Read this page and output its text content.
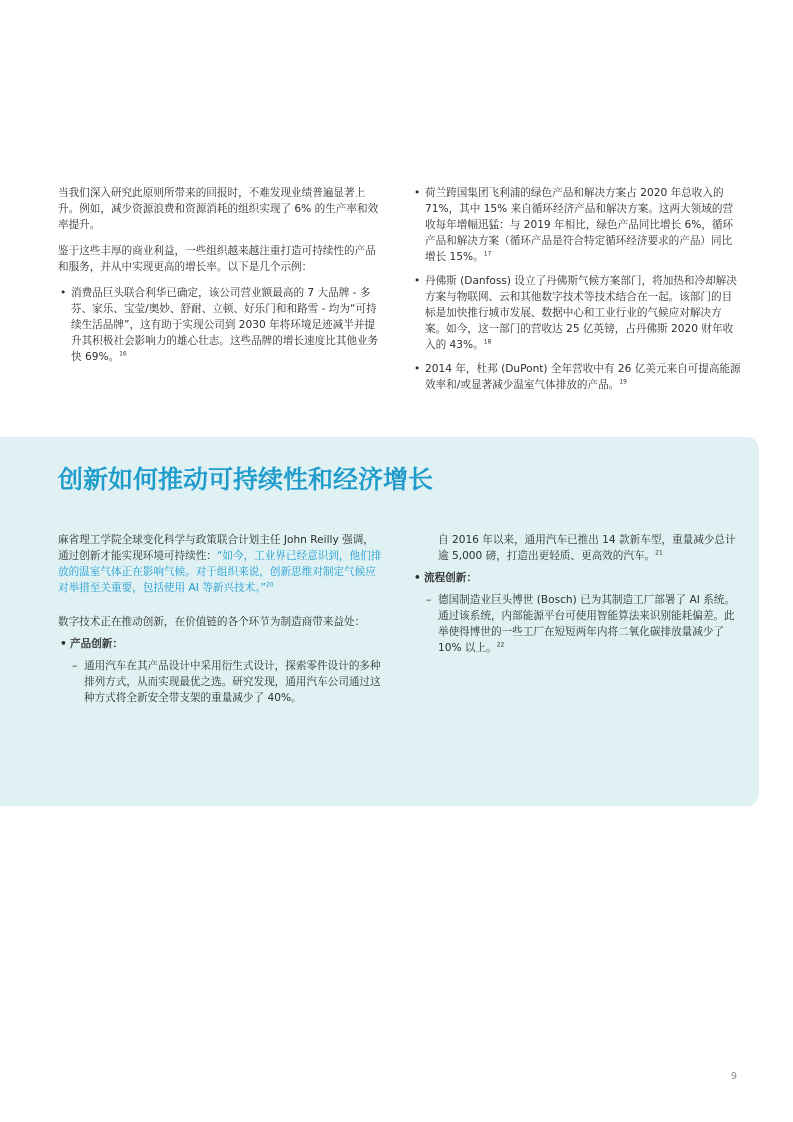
当我们深入研究此原则所带来的回报时，不难发现业绩普遍显著上升。例如，减少资源浪费和资源消耗的组织实现了 6% 的生产率和效率提升。

鉴于这些丰厚的商业利益，一些组织越来越注重打造可持续性的产品和服务，并从中实现更高的增长率。以下是几个示例：

• 消费品巨头联合利华已确定，该公司营业额最高的 7 大品牌 - 多芬、家乐、宝莹/奥妙、舒耐、立顿、好乐门和和路雪 - 均为“可持续生活品牌”，这有助于实现公司到 2030 年将环境足迹减半并提升其积极社会影响力的雄心壮志。这些品牌的增长速度比其他业务快 69%。$^{16}$
• 荷兰跨国集团飞利浦的绿色产品和解决方案占 2020 年总收入的 71%，其中 15% 来自循环经济产品和解决方案。这两大领域的营收每年增幅迅猛：与 2019 年相比，绿色产品同比增长 6%，循环产品和解决方案（循环产品是符合特定循环经济要求的产品）同比增长 15%。$^{17}$
• 丹佛斯 (Danfoss) 设立了丹佛斯气候方案部门，将加热和冷却解决方案与物联网、云和其他数字技术等技术结合在一起。该部门的目标是加快推行城市发展、数据中心和工业行业的气候应对解决方案。如今，这一部门的营收达 25 亿英镑，占丹佛斯 2020 财年收入的 43%。$^{18}$
• 2014 年，杜邦 (DuPont) 全年营收中有 26 亿美元来自可提高能源效率和/或显著减少温室气体排放的产品。$^{19}$
创新如何推动可持续性和经济增长

麻省理工学院全球变化科学与政策联合计划主任 John Reilly 强调，通过创新才能实现环境可持续性：“如今，工业界已经意识到，他们排放的温室气体正在影响气候。对于组织来说，创新思维对制定气候应对举措至关重要，包括使用 AI 等新兴技术。”$^{20}$

数字技术正在推动创新，在价值链的各个环节为制造商带来益处：

• 产品创新：
– 通用汽车在其产品设计中采用衍生式设计，探索零件设计的多种排列方式，从而实现最优之选。研究发现，通用汽车公司通过这种方式将全新安全带支架的重量减少了 40%。
自 2016 年以来，通用汽车已推出 14 款新车型，重量减少总计逾 5,000 磅，打造出更轻质、更高效的汽车。$^{21}$
• 流程创新：
– 德国制造业巨头博世 (Bosch) 已为其制造工厂部署了 AI 系统。通过该系统，内部能源平台可使用智能算法来识别能耗偏差。此举使得博世的一些工厂在短短两年内将二氧化碳排放量减少了 10% 以上。$^{22}$
9
